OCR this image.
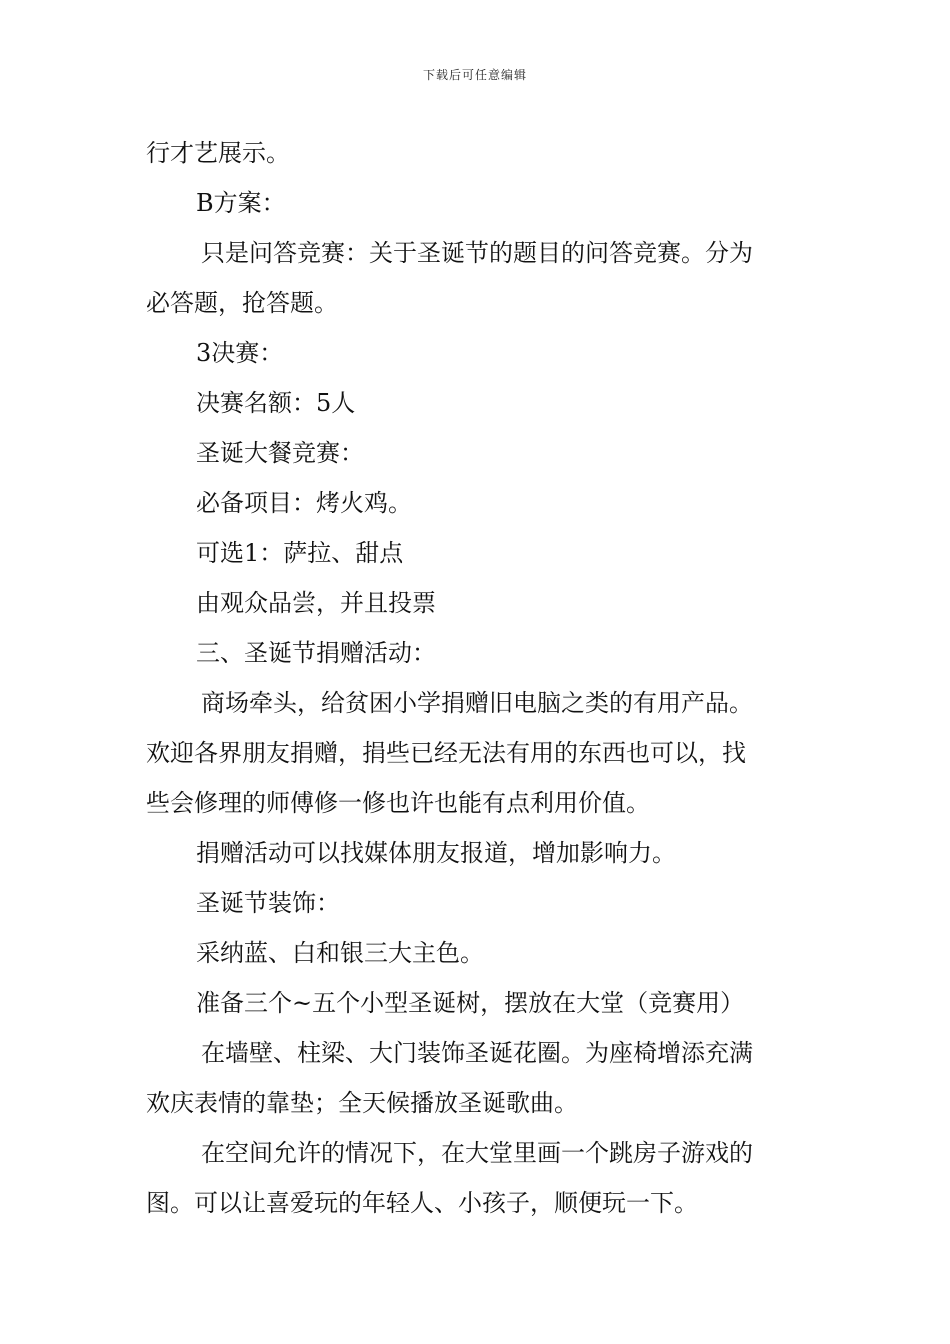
下载后可任意编辑
行才艺展示。
B方案：
只是问答竞赛：关于圣诞节的题目的问答竞赛。分为
必答题，抢答题。
3决赛：
决赛名额：5人
圣诞大餐竞赛：
必备项目：烤火鸡。
可选1：萨拉、甜点
由观众品尝，并且投票
三、圣诞节捐赠活动：
商场牵头，给贫困小学捐赠旧电脑之类的有用产品。
欢迎各界朋友捐赠，捐些已经无法有用的东西也可以，找
些会修理的师傅修一修也许也能有点利用价值。
捐赠活动可以找媒体朋友报道，增加影响力。
圣诞节装饰：
采纳蓝、白和银三大主色。
准备三个~五个小型圣诞树，摆放在大堂（竞赛用）
在墙壁、柱梁、大门装饰圣诞花圈。为座椅增添充满
欢庆表情的靠垫；全天候播放圣诞歌曲。
在空间允许的情况下，在大堂里画一个跳房子游戏的
图。可以让喜爱玩的年轻人、小孩子，顺便玩一下。
